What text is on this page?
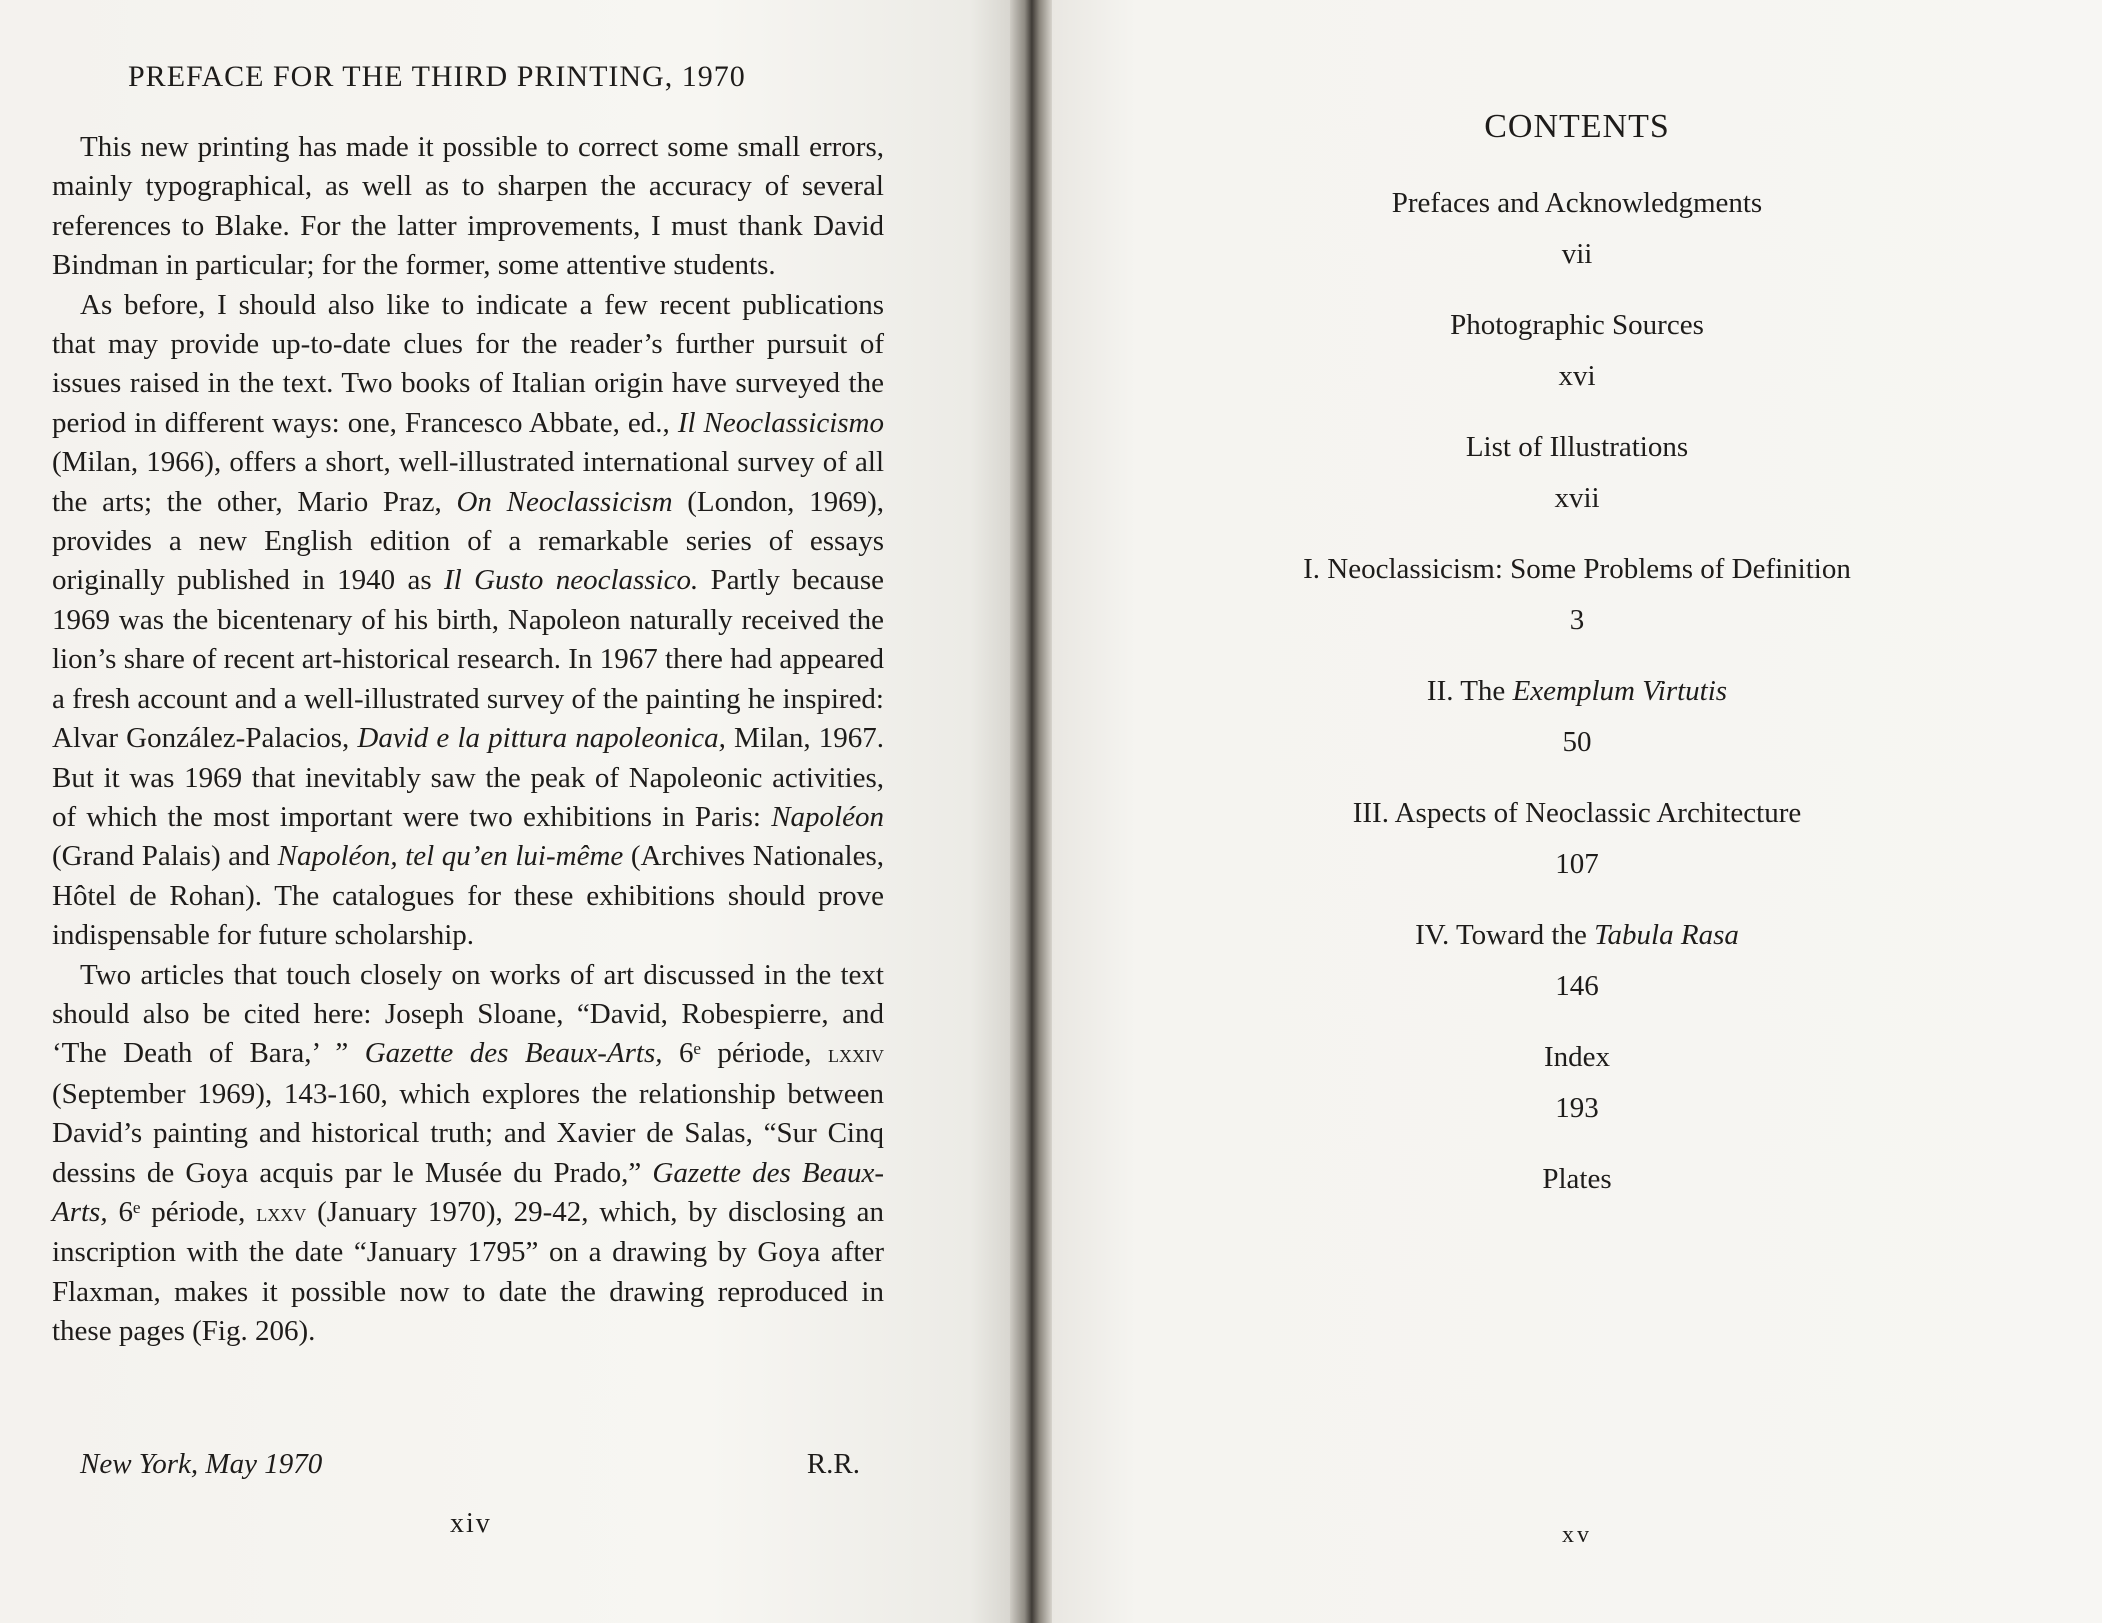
PREFACE FOR THE THIRD PRINTING, 1970

This new printing has made it possible to correct some small errors, mainly typographical, as well as to sharpen the accuracy of several references to Blake. For the latter improvements, I must thank David Bindman in particular; for the former, some attentive students.

As before, I should also like to indicate a few recent publications that may provide up-to-date clues for the reader’s further pursuit of issues raised in the text. Two books of Italian origin have surveyed the period in different ways: one, Francesco Abbate, ed., Il Neoclassicismo (Milan, 1966), offers a short, well-illustrated international survey of all the arts; the other, Mario Praz, On Neoclassicism (London, 1969), provides a new English edition of a remarkable series of essays originally published in 1940 as Il Gusto neoclassico. Partly because 1969 was the bicentenary of his birth, Napoleon naturally received the lion’s share of recent art-historical research. In 1967 there had appeared a fresh account and a well-illustrated survey of the painting he inspired: Alvar González-Palacios, David e la pittura napoleonica, Milan, 1967. But it was 1969 that inevitably saw the peak of Napoleonic activities, of which the most important were two exhibitions in Paris: Napoléon (Grand Palais) and Napoléon, tel qu’en lui-même (Archives Nationales, Hôtel de Rohan). The catalogues for these exhibitions should prove indispensable for future scholarship.

Two articles that touch closely on works of art discussed in the text should also be cited here: Joseph Sloane, “David, Robespierre, and ‘The Death of Bara,’ ” Gazette des Beaux-Arts, 6ᵉ période, lxxiv (September 1969), 143-160, which explores the relationship between David’s painting and historical truth; and Xavier de Salas, “Sur Cinq dessins de Goya acquis par le Musée du Prado,” Gazette des Beaux-Arts, 6ᵉ période, lxxv (January 1970), 29-42, which, by disclosing an inscription with the date “January 1795” on a drawing by Goya after Flaxman, makes it possible now to date the drawing reproduced in these pages (Fig. 206).

New York, May 1970	R.R.
xiv
CONTENTS
Prefaces and Acknowledgments
vii
Photographic Sources
xvi
List of Illustrations
xvii
I. Neoclassicism: Some Problems of Definition
3
II. The Exemplum Virtutis
50
III. Aspects of Neoclassic Architecture
107
IV. Toward the Tabula Rasa
146
Index
193
Plates
xv
